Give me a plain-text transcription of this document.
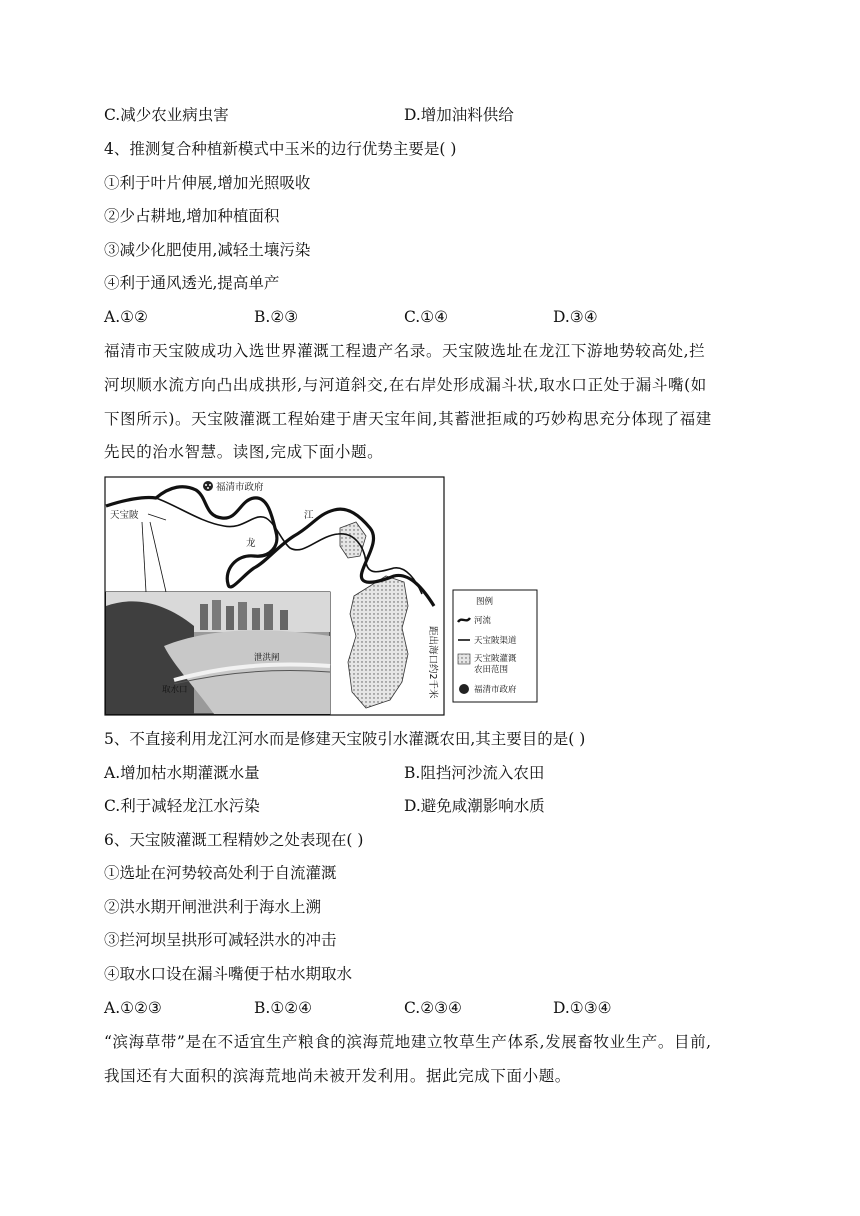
C.减少农业病虫害	D.增加油料供给
4、推测复合种植新模式中玉米的边行优势主要是( )
①利于叶片伸展,增加光照吸收
②少占耕地,增加种植面积
③减少化肥使用,减轻土壤污染
④利于通风透光,提高单产
A.①②	B.②③	C.①④	D.③④
福清市天宝陂成功入选世界灌溉工程遗产名录。天宝陂选址在龙江下游地势较高处,拦
河坝顺水流方向凸出成拱形,与河道斜交,在右岸处形成漏斗状,取水口正处于漏斗嘴(如
下图所示)。天宝陂灌溉工程始建于唐天宝年间,其蓄泄拒咸的巧妙构思充分体现了福建
先民的治水智慧。读图,完成下面小题。
福清市政府
天宝陂	江
龙
距出海口约2千米
取水口
泄洪闸
图例
河流
天宝陂渠道
天宝陂灌溉
农田范围
福清市政府
5、不直接利用龙江河水而是修建天宝陂引水灌溉农田,其主要目的是( )
A.增加枯水期灌溉水量	B.阻挡河沙流入农田
C.利于减轻龙江水污染	D.避免咸潮影响水质
6、天宝陂灌溉工程精妙之处表现在( )
①选址在河势较高处利于自流灌溉
②洪水期开闸泄洪利于海水上溯
③拦河坝呈拱形可减轻洪水的冲击
④取水口设在漏斗嘴便于枯水期取水
A.①②③	B.①②④	C.②③④	D.①③④
“滨海草带”是在不适宜生产粮食的滨海荒地建立牧草生产体系,发展畜牧业生产。目前,
我国还有大面积的滨海荒地尚未被开发利用。据此完成下面小题。
